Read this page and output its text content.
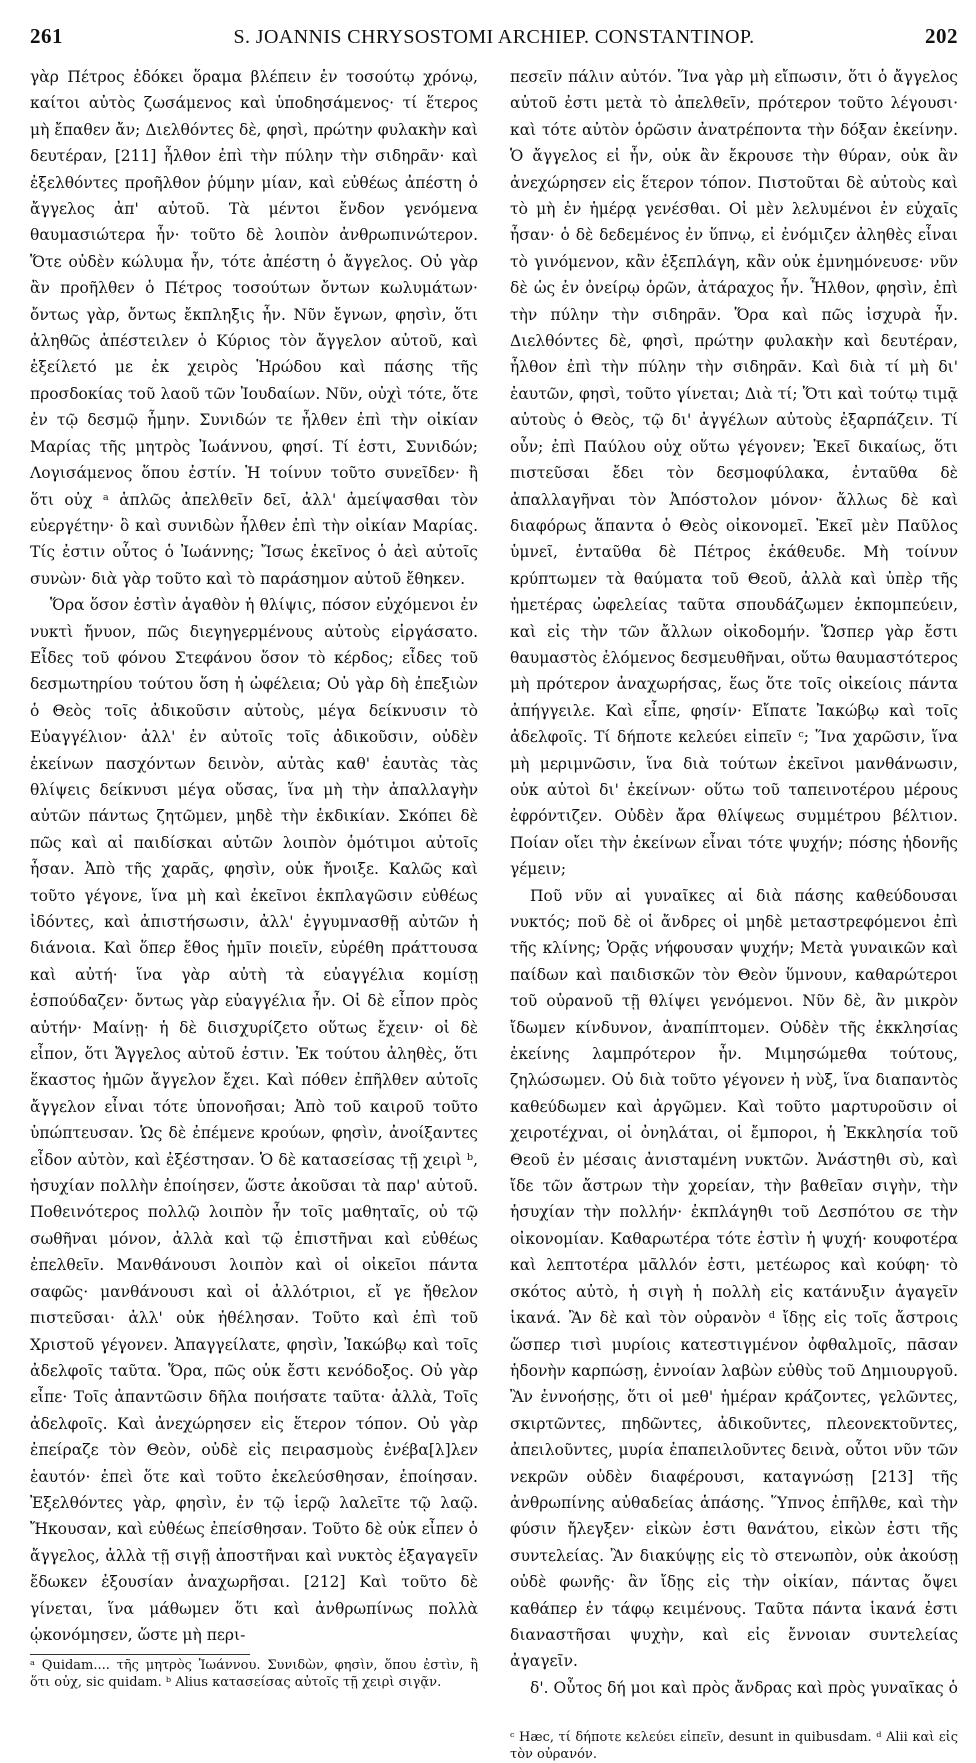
261	S. JOANNIS CHRYSOSTOMI ARCHIEP. CONSTANTINOP.	202

γὰρ Πέτρος ἐδόκει ὅραμα βλέπειν ἐν τοσούτῳ χρόνῳ, καίτοι αὐτὸς ζωσάμενος καὶ ὑποδησάμενος· τί ἕτερος μὴ ἔπαθεν ἄν; Διελθόντες δὲ, φησὶ, πρώτην φυλακὴν καὶ δευτέραν, [211] ἦλθον ἐπὶ τὴν πύλην τὴν σιδηρᾶν· καὶ ἐξελθόντες προῆλθον ῥύμην μίαν, καὶ εὐθέως ἀπέστη ὁ ἄγγελος ἀπ' αὐτοῦ. Τὰ μέντοι ἔνδον γενόμενα θαυμασιώτερα ἦν· τοῦτο δὲ λοιπὸν ἀνθρωπινώτερον. Ὅτε οὐδὲν κώλυμα ἦν, τότε ἀπέστη ὁ ἄγγελος. Οὐ γὰρ ἂν προῆλθεν ὁ Πέτρος τοσούτων ὄντων κωλυμάτων· ὄντως γὰρ, ὄντως ἔκπληξις ἦν. Νῦν ἔγνων, φησὶν, ὅτι ἀληθῶς ἀπέστειλεν ὁ Κύριος τὸν ἄγγελον αὐτοῦ, καὶ ἐξείλετό με ἐκ χειρὸς Ἡρώδου καὶ πάσης τῆς προσδοκίας τοῦ λαοῦ τῶν Ἰουδαίων. Νῦν, οὐχὶ τότε, ὅτε ἐν τῷ δεσμῷ ἦμην. Συνιδών τε ἦλθεν ἐπὶ τὴν οἰκίαν Μαρίας τῆς μητρὸς Ἰωάννου, φησί. Τί ἐστι, Συνιδών; Λογισάμενος ὅπου ἐστίν. Ἡ τοίνυν τοῦτο συνεῖδεν· ἢ ὅτι οὐχ ᵃ ἁπλῶς ἀπελθεῖν δεῖ, ἀλλ' ἀμείψασθαι τὸν εὐεργέτην· ὃ καὶ συνιδὼν ἦλθεν ἐπὶ τὴν οἰκίαν Μαρίας. Τίς ἐστιν οὗτος ὁ Ἰωάννης; Ἴσως ἐκεῖνος ὁ ἀεὶ αὐτοῖς συνὼν· διὰ γὰρ τοῦτο καὶ τὸ παράσημον αὐτοῦ ἔθηκεν.

Ὅρα ὅσον ἐστὶν ἀγαθὸν ἡ θλίψις, πόσον εὐχόμενοι ἐν νυκτὶ ἤνυον, πῶς διεγηγερμένους αὐτοὺς εἰργάσατο. Εἶδες τοῦ φόνου Στεφάνου ὅσον τὸ κέρδος; εἶδες τοῦ δεσμωτηρίου τούτου ὅση ἡ ὠφέλεια; Οὐ γὰρ δὴ ἐπεξιὼν ὁ Θεὸς τοῖς ἀδικοῦσιν αὐτοὺς, μέγα δείκνυσιν τὸ Εὐαγγέλιον· ἀλλ' ἐν αὐτοῖς τοῖς ἀδικοῦσιν, οὐδὲν ἐκείνων πασχόντων δεινὸν, αὐτὰς καθ' ἑαυτὰς τὰς θλίψεις δείκνυσι μέγα οὔσας, ἵνα μὴ τὴν ἀπαλλαγὴν αὐτῶν πάντως ζητῶμεν, μηδὲ τὴν ἐκδικίαν. Σκόπει δὲ πῶς καὶ αἱ παιδίσκαι αὐτῶν λοιπὸν ὁμότιμοι αὐτοῖς ἦσαν. Ἀπὸ τῆς χαρᾶς, φησὶν, οὐκ ἤνοιξε. Καλῶς καὶ τοῦτο γέγονε, ἵνα μὴ καὶ ἐκεῖνοι ἐκπλαγῶσιν εὐθέως ἰδόντες, καὶ ἀπιστήσωσιν, ἀλλ' ἐγγυμνασθῇ αὐτῶν ἡ διάνοια. Καὶ ὅπερ ἔθος ἡμῖν ποιεῖν, εὑρέθη πράττουσα καὶ αὐτή· ἵνα γὰρ αὐτὴ τὰ εὐαγγέλια κομίσῃ ἐσπούδαζεν· ὄντως γὰρ εὐαγγέλια ἦν. Οἱ δὲ εἶπον πρὸς αὐτήν· Μαίνῃ· ἡ δὲ διισχυρίζετο οὕτως ἔχειν· οἱ δὲ εἶπον, ὅτι Ἄγγελος αὐτοῦ ἐστιν. Ἐκ τούτου ἀληθὲς, ὅτι ἕκαστος ἡμῶν ἄγγελον ἔχει. Καὶ πόθεν ἐπῆλθεν αὐτοῖς ἄγγελον εἶναι τότε ὑπονοῆσαι; Ἀπὸ τοῦ καιροῦ τοῦτο ὑπώπτευσαν. Ὡς δὲ ἐπέμενε κρούων, φησὶν, ἀνοίξαντες εἶδον αὐτὸν, καὶ ἐξέστησαν. Ὁ δὲ κατασείσας τῇ χειρὶ ᵇ, ἡσυχίαν πολλὴν ἐποίησεν, ὥστε ἀκοῦσαι τὰ παρ' αὐτοῦ. Ποθεινότερος πολλῷ λοιπὸν ἦν τοῖς μαθηταῖς, οὐ τῷ σωθῆναι μόνον, ἀλλὰ καὶ τῷ ἐπιστῆναι καὶ εὐθέως ἐπελθεῖν. Μανθάνουσι λοιπὸν καὶ οἱ οἰκεῖοι πάντα σαφῶς· μανθάνουσι καὶ οἱ ἀλλότριοι, εἴ γε ἤθελον πιστεῦσαι· ἀλλ' οὐκ ἠθέλησαν. Τοῦτο καὶ ἐπὶ τοῦ Χριστοῦ γέγονεν. Ἀπαγγείλατε, φησὶν, Ἰακώβῳ καὶ τοῖς ἀδελφοῖς ταῦτα. Ὅρα, πῶς οὐκ ἔστι κενόδοξος. Οὐ γὰρ εἶπε· Τοῖς ἀπαντῶσιν δῆλα ποιήσατε ταῦτα· ἀλλὰ, Τοῖς ἀδελφοῖς. Καὶ ἀνεχώρησεν εἰς ἕτερον τόπον. Οὐ γὰρ ἐπείραζε τὸν Θεὸν, οὐδὲ εἰς πειρασμοὺς ἐνέβα[λ]λεν ἑαυτόν· ἐπεὶ ὅτε καὶ τοῦτο ἐκελεύσθησαν, ἐποίησαν. Ἐξελθόντες γὰρ, φησὶν, ἐν τῷ ἱερῷ λαλεῖτε τῷ λαῷ. Ἤκουσαν, καὶ εὐθέως ἐπείσθησαν. Τοῦτο δὲ οὐκ εἶπεν ὁ ἄγγελος, ἀλλὰ τῇ σιγῇ ἀποστῆναι καὶ νυκτὸς ἐξαγαγεῖν ἔδωκεν ἐξουσίαν ἀναχωρῆσαι. [212] Καὶ τοῦτο δὲ γίνεται, ἵνα μάθωμεν ὅτι καὶ ἀνθρωπίνως πολλὰ ᾠκονόμησεν, ὥστε μὴ περι-

ᵃ Quidam.... τῆς μητρὸς Ἰωάννου. Συνιδὼν, φησὶν, ὅπου ἐστὶν, ἢ ὅτι οὐχ, sic quidam. ᵇ Alius κατασείσας αὐτοῖς τῇ χειρὶ σιγᾷν.

πεσεῖν πάλιν αὐτόν. Ἵνα γὰρ μὴ εἴπωσιν, ὅτι ὁ ἄγγελος αὐτοῦ ἐστι μετὰ τὸ ἀπελθεῖν, πρότερον τοῦτο λέγουσι· καὶ τότε αὐτὸν ὁρῶσιν ἀνατρέποντα τὴν δόξαν ἐκείνην. Ὁ ἄγγελος εἰ ἦν, οὐκ ἂν ἔκρουσε τὴν θύραν, οὐκ ἂν ἀνεχώρησεν εἰς ἕτερον τόπον. Πιστοῦται δὲ αὐτοὺς καὶ τὸ μὴ ἐν ἡμέρᾳ γενέσθαι. Οἱ μὲν λελυμένοι ἐν εὐχαῖς ἦσαν· ὁ δὲ δεδεμένος ἐν ὕπνῳ, εἰ ἐνόμιζεν ἀληθὲς εἶναι τὸ γινόμενον, κἂν ἐξεπλάγη, κἂν οὐκ ἐμνημόνευσε· νῦν δὲ ὡς ἐν ὀνείρῳ ὁρῶν, ἀτάραχος ἦν. Ἦλθον, φησὶν, ἐπὶ τὴν πύλην τὴν σιδηρᾶν. Ὅρα καὶ πῶς ἰσχυρὰ ἦν. Διελθόντες δὲ, φησὶ, πρώτην φυλακὴν καὶ δευτέραν, ἦλθον ἐπὶ τὴν πύλην τὴν σιδηρᾶν. Καὶ διὰ τί μὴ δι' ἑαυτῶν, φησὶ, τοῦτο γίνεται; Διὰ τί; Ὅτι καὶ τούτῳ τιμᾷ αὐτοὺς ὁ Θεὸς, τῷ δι' ἀγγέλων αὐτοὺς ἐξαρπάζειν. Τί οὖν; ἐπὶ Παύλου οὐχ οὕτω γέγονεν; Ἐκεῖ δικαίως, ὅτι πιστεῦσαι ἔδει τὸν δεσμοφύλακα, ἐνταῦθα δὲ ἀπαλλαγῆναι τὸν Ἀπόστολον μόνον· ἄλλως δὲ καὶ διαφόρως ἅπαντα ὁ Θεὸς οἰκονομεῖ. Ἐκεῖ μὲν Παῦλος ὑμνεῖ, ἐνταῦθα δὲ Πέτρος ἐκάθευδε. Μὴ τοίνυν κρύπτωμεν τὰ θαύματα τοῦ Θεοῦ, ἀλλὰ καὶ ὑπὲρ τῆς ἡμετέρας ὠφελείας ταῦτα σπουδάζωμεν ἐκπομπεύειν, καὶ εἰς τὴν τῶν ἄλλων οἰκοδομήν. Ὥσπερ γὰρ ἔστι θαυμαστὸς ἑλόμενος δεσμευθῆναι, οὕτω θαυμαστότερος μὴ πρότερον ἀναχωρήσας, ἕως ὅτε τοῖς οἰκείοις πάντα ἀπήγγειλε. Καὶ εἶπε, φησίν· Εἴπατε Ἰακώβῳ καὶ τοῖς ἀδελφοῖς. Τί δήποτε κελεύει εἰπεῖν ᶜ; Ἵνα χαρῶσιν, ἵνα μὴ μεριμνῶσιν, ἵνα διὰ τούτων ἐκεῖνοι μανθάνωσιν, οὐκ αὐτοὶ δι' ἐκείνων· οὕτω τοῦ ταπεινοτέρου μέρους ἐφρόντιζεν. Οὐδὲν ἄρα θλίψεως συμμέτρου βέλτιον. Ποίαν οἴει τὴν ἐκείνων εἶναι τότε ψυχήν; πόσης ἡδονῆς γέμειν;

Ποῦ νῦν αἱ γυναῖκες αἱ διὰ πάσης καθεύδουσαι νυκτός; ποῦ δὲ οἱ ἄνδρες οἱ μηδὲ μεταστρεφόμενοι ἐπὶ τῆς κλίνης; Ὁρᾷς νήφουσαν ψυχήν; Μετὰ γυναικῶν καὶ παίδων καὶ παιδισκῶν τὸν Θεὸν ὕμνουν, καθαρώτεροι τοῦ οὐρανοῦ τῇ θλίψει γενόμενοι. Νῦν δὲ, ἂν μικρὸν ἴδωμεν κίνδυνον, ἀναπίπτομεν. Οὐδὲν τῆς ἐκκλησίας ἐκείνης λαμπρότερον ἦν. Μιμησώμεθα τούτους, ζηλώσωμεν. Οὐ διὰ τοῦτο γέγονεν ἡ νὺξ, ἵνα διαπαντὸς καθεύδωμεν καὶ ἀργῶμεν. Καὶ τοῦτο μαρτυροῦσιν οἱ χειροτέχναι, οἱ ὀνηλάται, οἱ ἔμποροι, ἡ Ἐκκλησία τοῦ Θεοῦ ἐν μέσαις ἀνισταμένη νυκτῶν. Ἀνάστηθι σὺ, καὶ ἴδε τῶν ἄστρων τὴν χορείαν, τὴν βαθεῖαν σιγὴν, τὴν ἡσυχίαν τὴν πολλήν· ἐκπλάγηθι τοῦ Δεσπότου σε τὴν οἰκονομίαν. Καθαρωτέρα τότε ἐστὶν ἡ ψυχή· κουφοτέρα καὶ λεπτοτέρα μᾶλλόν ἐστι, μετέωρος καὶ κούφη· τὸ σκότος αὐτὸ, ἡ σιγὴ ἡ πολλὴ εἰς κατάνυξιν ἀγαγεῖν ἱκανά. Ἂν δὲ καὶ τὸν οὐρανὸν ᵈ ἴδῃς εἰς τοῖς ἄστροις ὥσπερ τισὶ μυρίοις κατεστιγμένον ὀφθαλμοῖς, πᾶσαν ἡδονὴν καρπώσῃ, ἐννοίαν λαβὼν εὐθὺς τοῦ Δημιουργοῦ. Ἂν ἐννοήσῃς, ὅτι οἱ μεθ' ἡμέραν κράζοντες, γελῶντες, σκιρτῶντες, πηδῶντες, ἀδικοῦντες, πλεονεκτοῦντες, ἀπειλοῦντες, μυρία ἐπαπειλοῦντες δεινὰ, οὗτοι νῦν τῶν νεκρῶν οὐδὲν διαφέρουσι, καταγνώσῃ [213] τῆς ἀνθρωπίνης αὐθαδείας ἁπάσης. Ὕπνος ἐπῆλθε, καὶ τὴν φύσιν ἤλεγξεν· εἰκὼν ἐστι θανάτου, εἰκὼν ἐστι τῆς συντελείας. Ἂν διακύψῃς εἰς τὸ στενωπὸν, οὐκ ἀκούσῃ οὐδὲ φωνῆς· ἂν ἴδῃς εἰς τὴν οἰκίαν, πάντας ὄψει καθάπερ ἐν τάφῳ κειμένους. Ταῦτα πάντα ἱκανά ἐστι διαναστῆσαι ψυχὴν, καὶ εἰς ἔννοιαν συντελείας ἀγαγεῖν.

δ'. Οὗτος δή μοι καὶ πρὸς ἄνδρας καὶ πρὸς γυναῖκας ὁ

ᶜ Hæc, τί δήποτε κελεύει εἰπεῖν, desunt in quibusdam. ᵈ Alii καὶ εἰς τὸν οὐρανόν.
